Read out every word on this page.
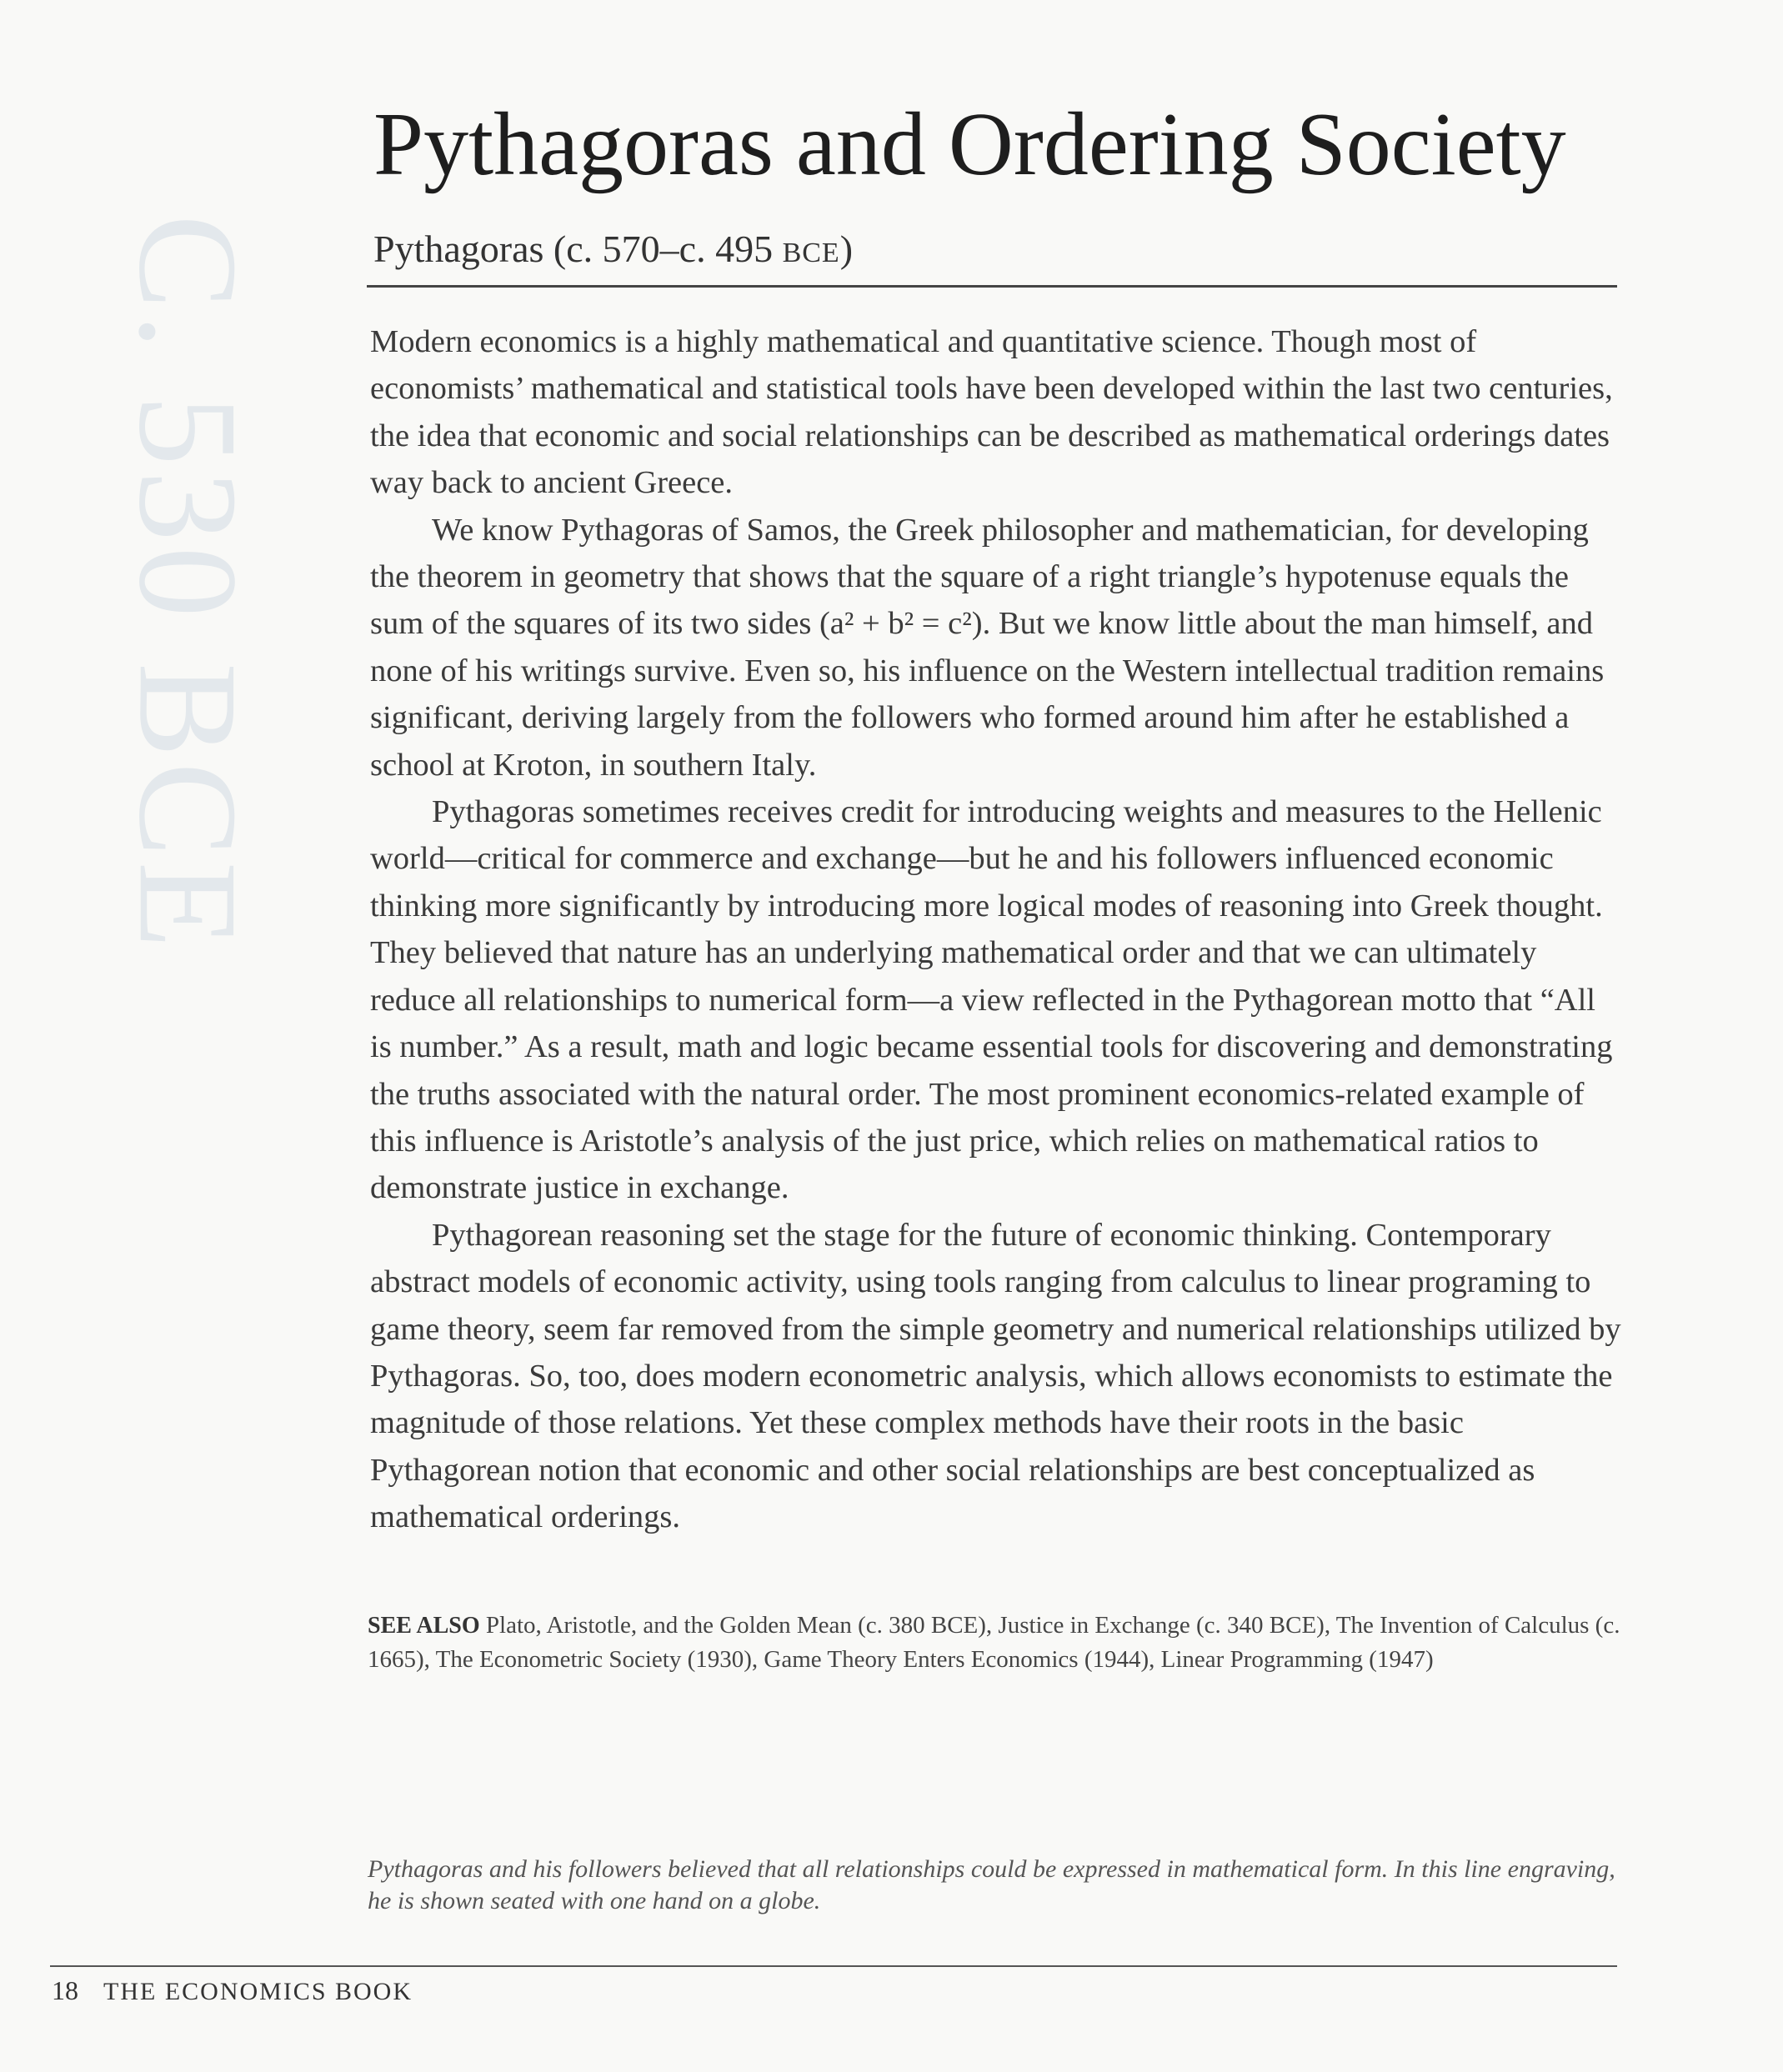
C. 530 BCE
Pythagoras and Ordering Society

Pythagoras (c. 570–c. 495 BCE)

Modern economics is a highly mathematical and quantitative science. Though most of economists’ mathematical and statistical tools have been developed within the last two centuries, the idea that economic and social relationships can be described as mathematical orderings dates way back to ancient Greece.

We know Pythagoras of Samos, the Greek philosopher and mathematician, for developing the theorem in geometry that shows that the square of a right triangle’s hypotenuse equals the sum of the squares of its two sides (a² + b² = c²). But we know little about the man himself, and none of his writings survive. Even so, his influence on the Western intellectual tradition remains significant, deriving largely from the followers who formed around him after he established a school at Kroton, in southern Italy.

Pythagoras sometimes receives credit for introducing weights and measures to the Hellenic world—critical for commerce and exchange—but he and his followers influenced economic thinking more significantly by introducing more logical modes of reasoning into Greek thought. They believed that nature has an underlying mathematical order and that we can ultimately reduce all relationships to numerical form—a view reflected in the Pythagorean motto that “All is number.” As a result, math and logic became essential tools for discovering and demonstrating the truths associated with the natural order. The most prominent economics-related example of this influence is Aristotle’s analysis of the just price, which relies on mathematical ratios to demonstrate justice in exchange.

Pythagorean reasoning set the stage for the future of economic thinking. Contemporary abstract models of economic activity, using tools ranging from calculus to linear programing to game theory, seem far removed from the simple geometry and numerical relationships utilized by Pythagoras. So, too, does modern econometric analysis, which allows economists to estimate the magnitude of those relations. Yet these complex methods have their roots in the basic Pythagorean notion that economic and other social relationships are best conceptualized as mathematical orderings.

SEE ALSO Plato, Aristotle, and the Golden Mean (c. 380 BCE), Justice in Exchange (c. 340 BCE), The Invention of Calculus (c. 1665), The Econometric Society (1930), Game Theory Enters Economics (1944), Linear Programming (1947)
Pythagoras and his followers believed that all relationships could be expressed in mathematical form. In this line engraving, he is shown seated with one hand on a globe.
18 THE ECONOMICS BOOK
